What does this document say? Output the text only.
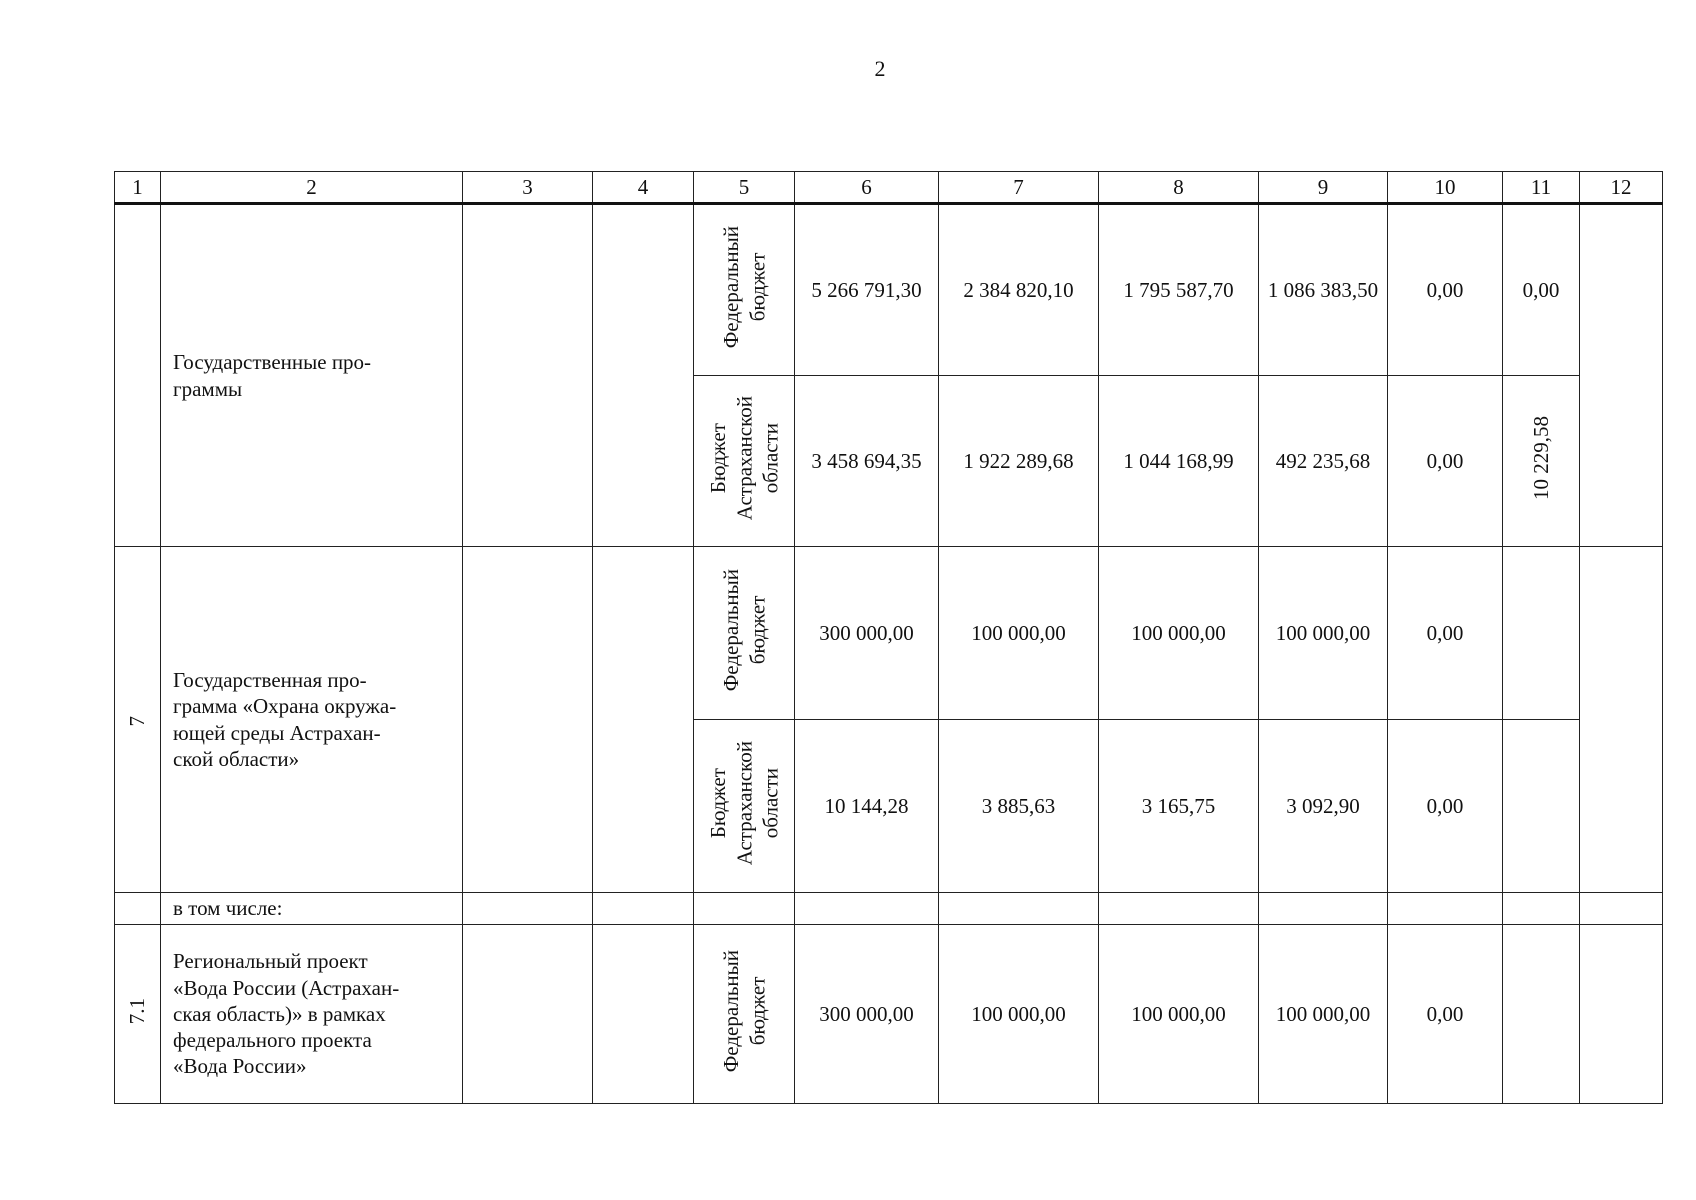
2
1	2	3	4	5	6	7	8	9	10	11	12
	Государственные про-
граммы			Федеральный
бюджет	5 266 791,30	2 384 820,10	1 795 587,70	1 086 383,50	0,00	0,00	
				Бюджет
Астраханской
области	3 458 694,35	1 922 289,68	1 044 168,99	492 235,68	0,00	10 229,58	
7	Государственная про-
грамма «Охрана окружа-
ющей среды Астрахан-
ской области»			Федеральный
бюджет	300 000,00	100 000,00	100 000,00	100 000,00	0,00		
				Бюджет
Астраханской
области	10 144,28	3 885,63	3 165,75	3 092,90	0,00		
	в том числе:										
7.1	Региональный проект
«Вода России (Астрахан-
ская область)» в рамках
федерального проекта
«Вода России»			Федеральный
бюджет	300 000,00	100 000,00	100 000,00	100 000,00	0,00		
